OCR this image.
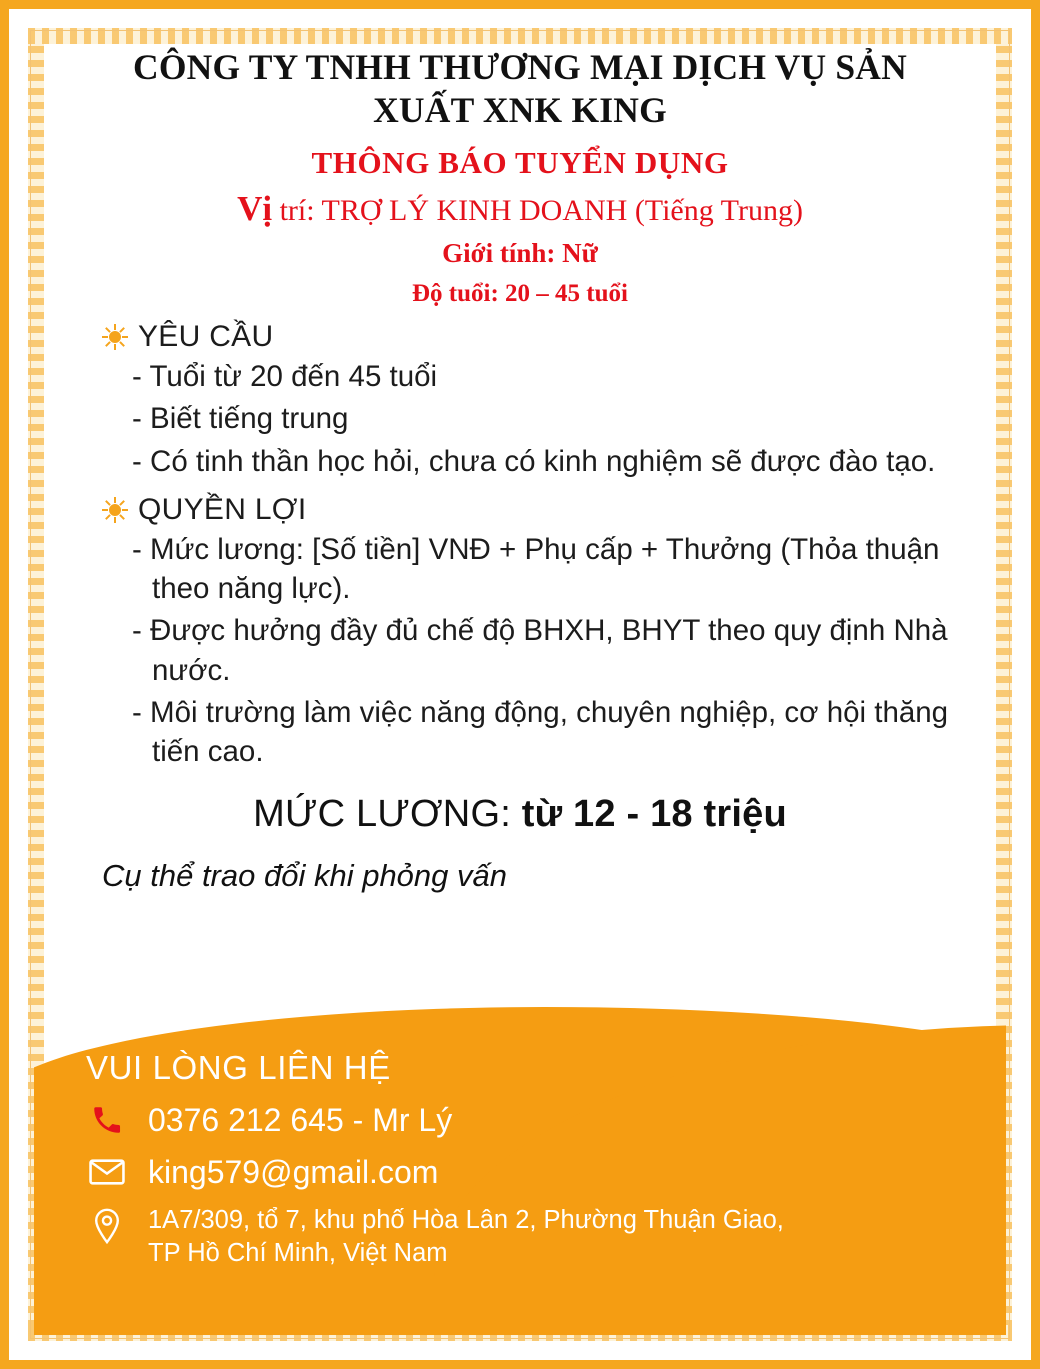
CÔNG TY TNHH THƯƠNG MẠI DỊCH VỤ SẢN
XUẤT XNK KING
THÔNG BÁO TUYỂN DỤNG
Vị trí: TRỢ LÝ KINH DOANH (Tiếng Trung)
Giới tính: Nữ
Độ tuổi: 20 – 45 tuổi
YÊU CẦU
- Tuổi từ 20 đến 45 tuổi
- Biết tiếng trung
- Có tinh thần học hỏi, chưa có kinh nghiệm sẽ được đào tạo.
QUYỀN LỢI
- Mức lương: [Số tiền] VNĐ + Phụ cấp + Thưởng (Thỏa thuận theo năng lực).
- Được hưởng đầy đủ chế độ BHXH, BHYT theo quy định Nhà nước.
- Môi trường làm việc năng động, chuyên nghiệp, cơ hội thăng tiến cao.
MỨC LƯƠNG: từ 12 - 18 triệu
Cụ thể trao đổi khi phỏng vấn
VUI LÒNG LIÊN HỆ
0376 212 645 - Mr Lý
king579@gmail.com
1A7/309, tổ 7, khu phố Hòa Lân 2, Phường Thuận Giao,
TP Hồ Chí Minh, Việt Nam
